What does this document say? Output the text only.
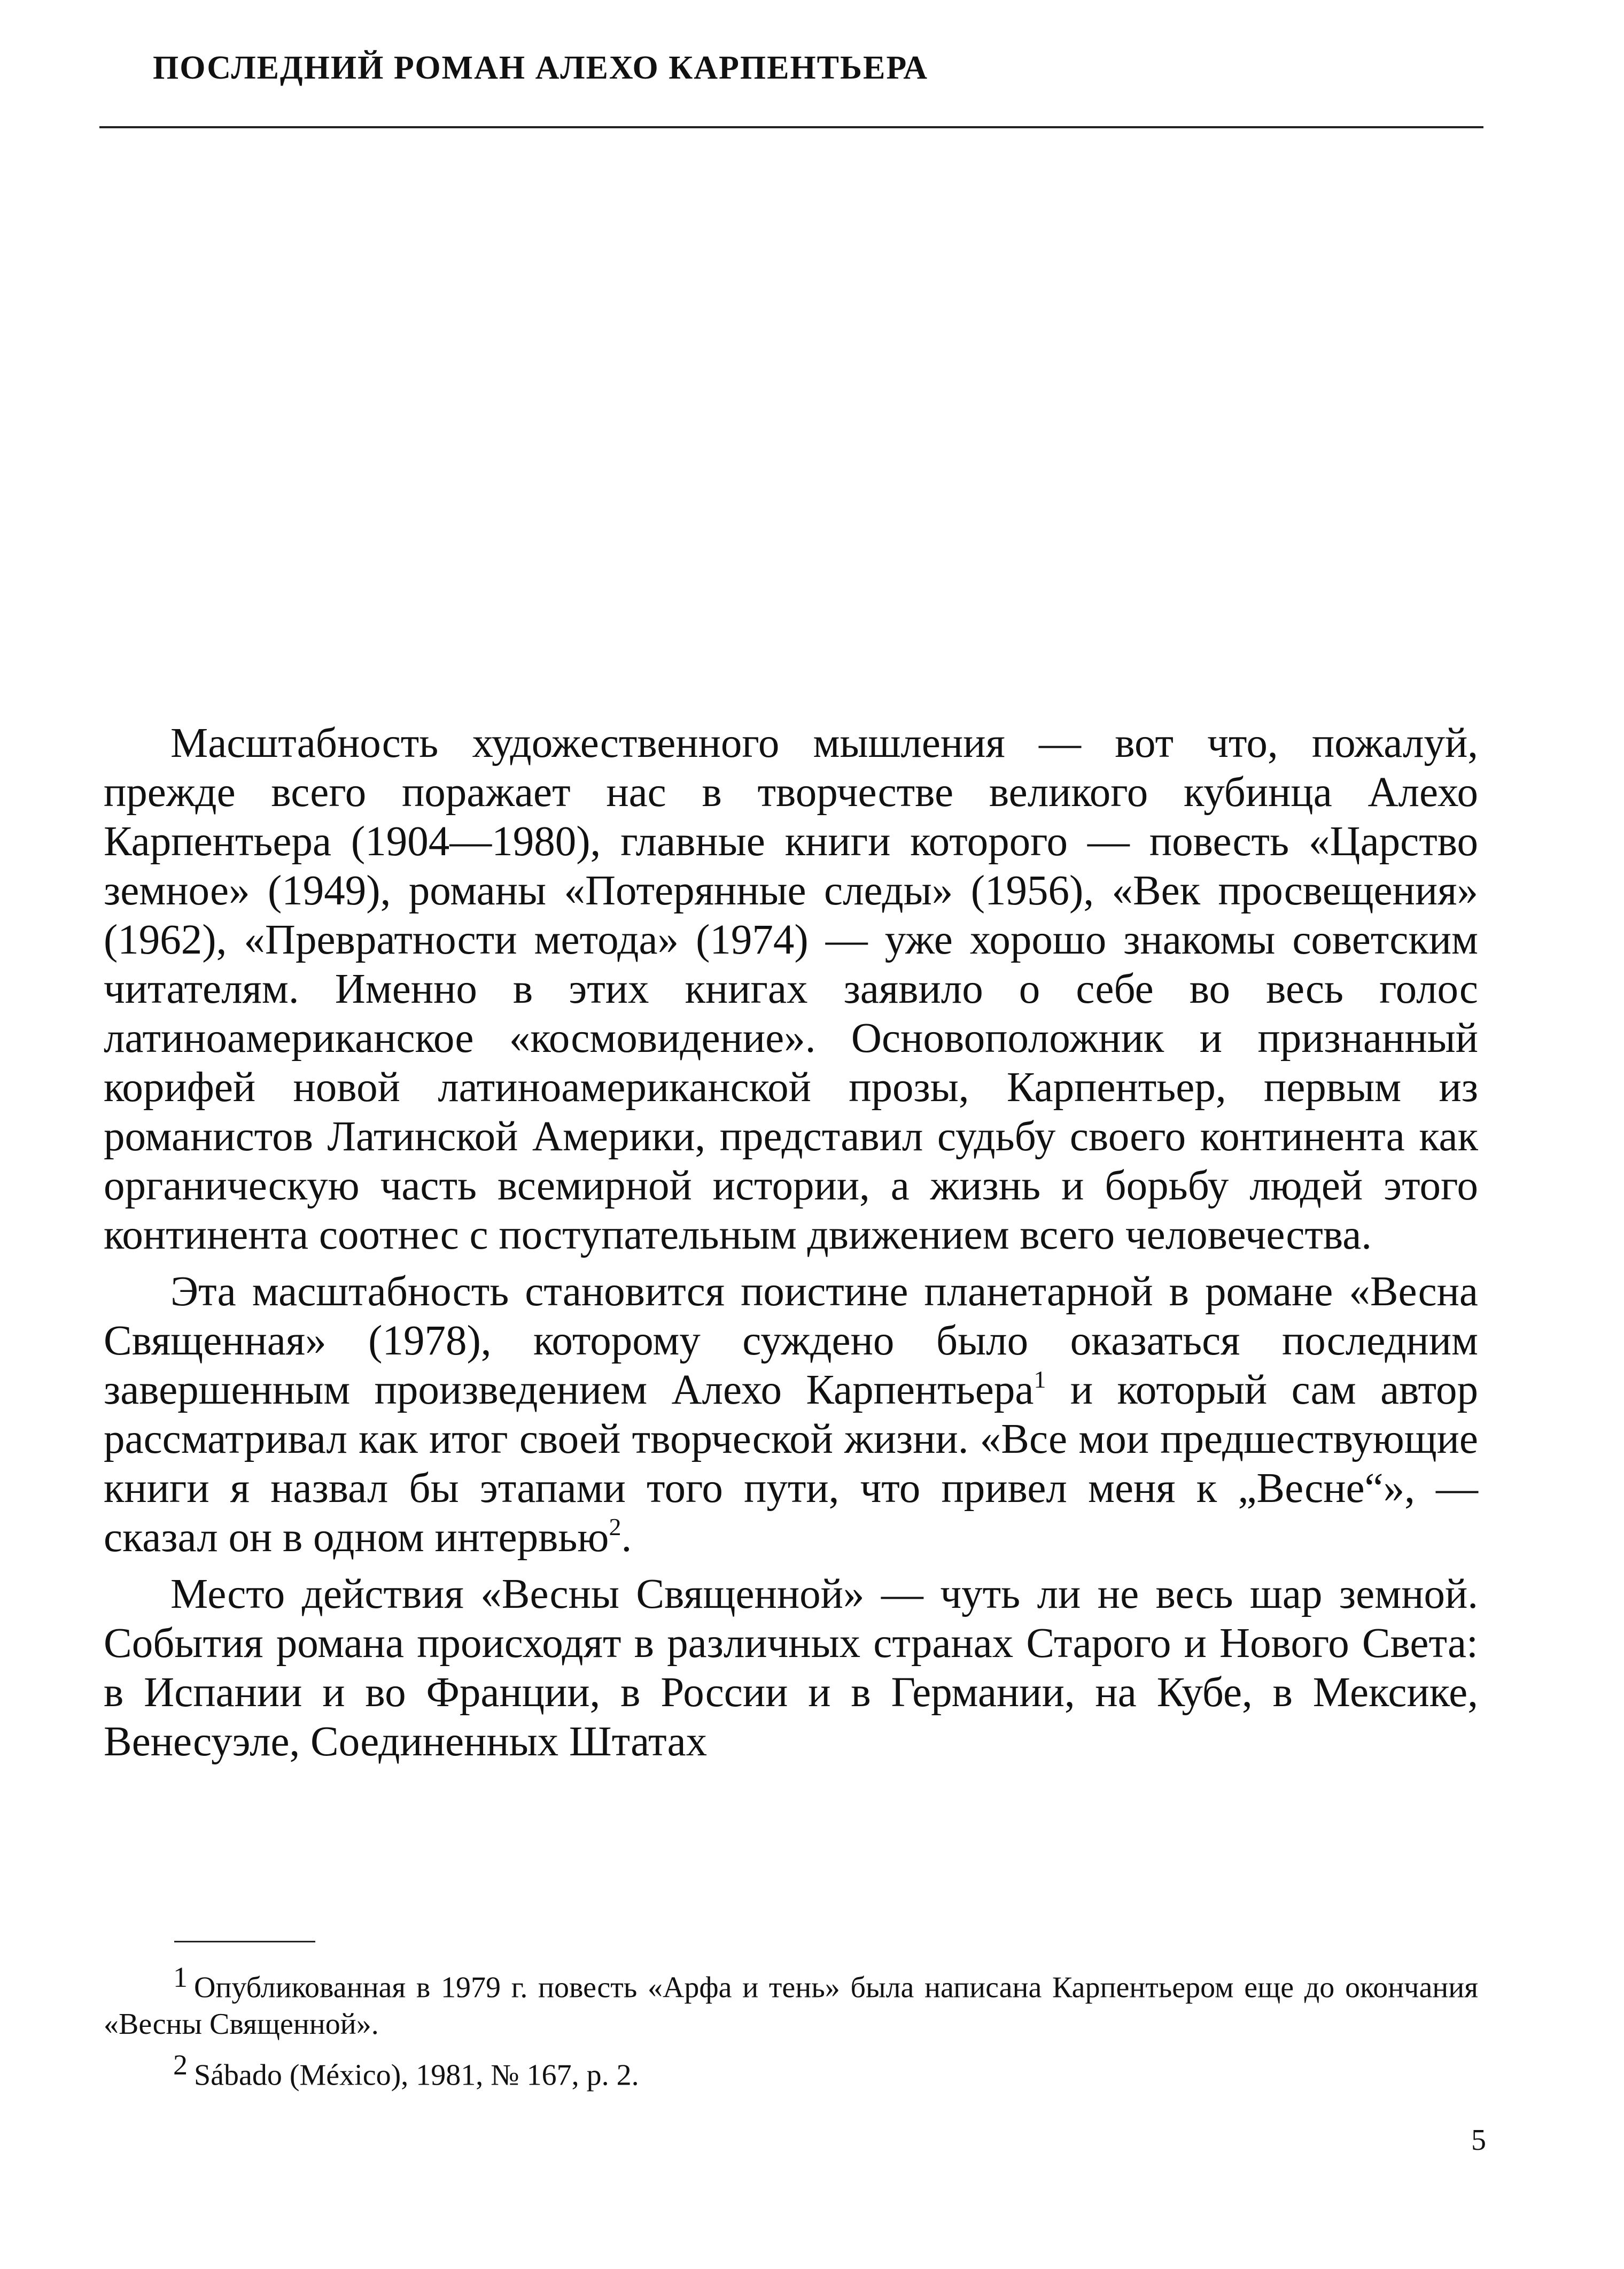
ПОСЛЕДНИЙ РОМАН АЛЕХО КАРПЕНТЬЕРА

Масштабность художественного мышления — вот что, пожалуй, прежде всего поражает нас в творчестве великого кубинца Алехо Карпентьера (1904—1980), главные книги которого — повесть «Царство земное» (1949), романы «Потерянные следы» (1956), «Век просвещения» (1962), «Превратности метода» (1974) — уже хорошо знакомы советским читателям. Именно в этих книгах заявило о себе во весь голос латиноамериканское «космовидение». Основоположник и признанный корифей новой латиноамериканской прозы, Карпентьер, первым из романистов Латинской Америки, представил судьбу своего континента как органическую часть всемирной истории, а жизнь и борьбу людей этого континента соотнес с поступательным движением всего человечества.

Эта масштабность становится поистине планетарной в романе «Весна Священная» (1978), которому суждено было оказаться последним завершенным произведением Алехо Карпентьера$^1$ и который сам автор рассматривал как итог своей творческой жизни. «Все мои предшествующие книги я назвал бы этапами того пути, что привел меня к „Весне“», — сказал он в одном интервью$^2$.

Место действия «Весны Священной» — чуть ли не весь шар земной. События романа происходят в различных странах Старого и Нового Света: в Испании и во Франции, в России и в Германии, на Кубе, в Мексике, Венесуэле, Соединенных Штатах

$^1$ Опубликованная в 1979 г. повесть «Арфа и тень» была написана Карпентьером еще до окончания «Весны Священной».

$^2$ Sábado (México), 1981, № 167, p. 2.

5
